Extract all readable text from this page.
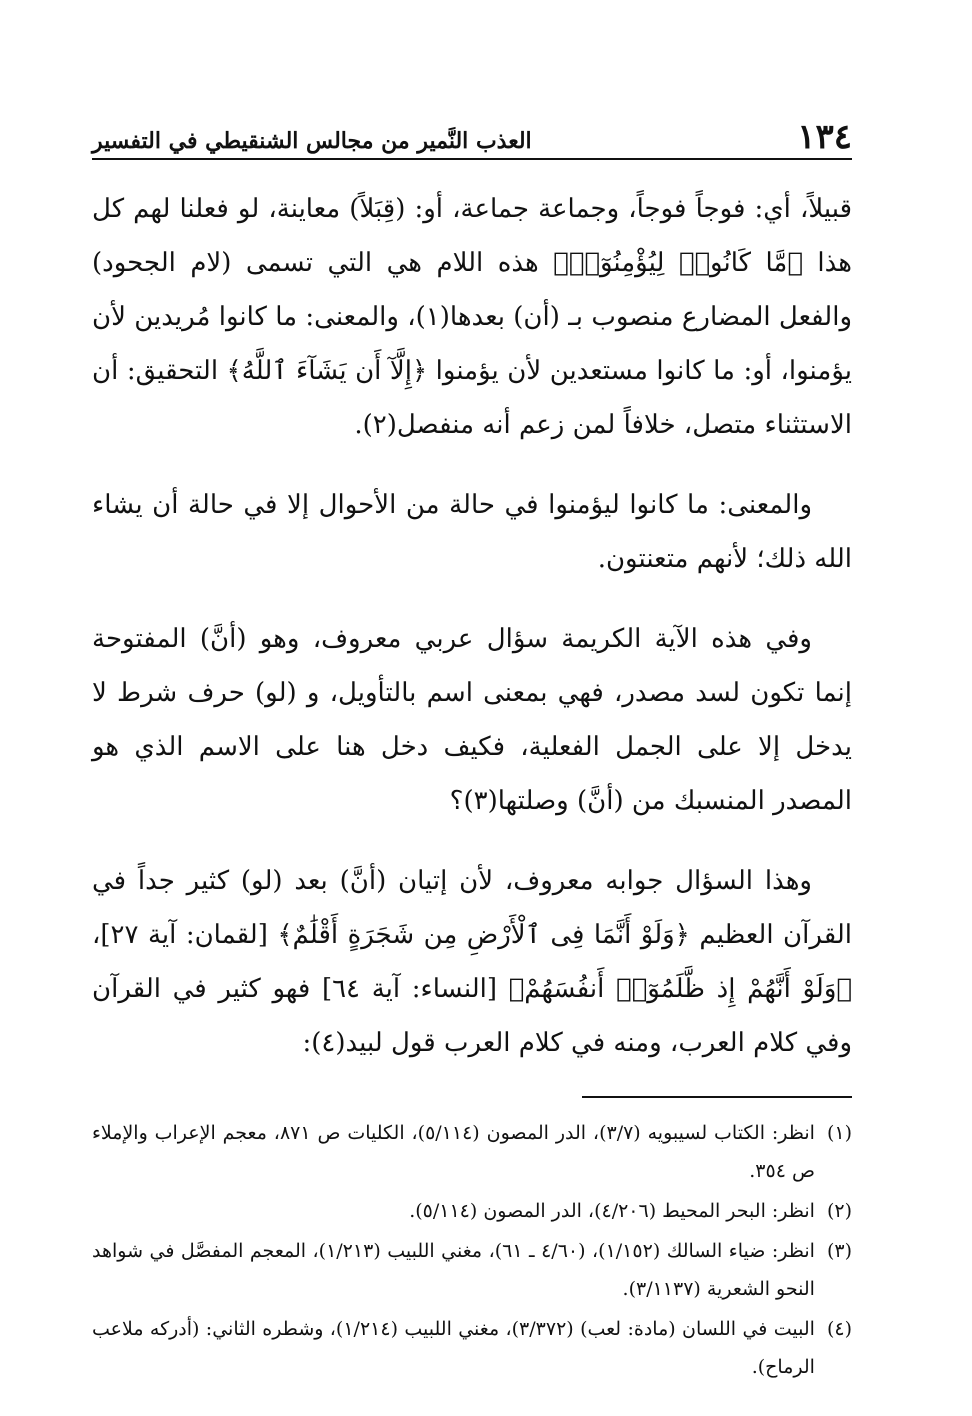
١٣٤
العذب النَّمير من مجالس الشنقيطي في التفسير

قبيلاً، أي: فوجاً فوجاً، وجماعة جماعة، أو: (قِبَلاً) معاينة، لو فعلنا لهم كل هذا ﴿مَّا كَانُوا۟ لِيُؤْمِنُوٓا۟﴾ هذه اللام هي التي تسمى (لام الجحود) والفعل المضارع منصوب بـ (أن) بعدها(١)، والمعنى: ما كانوا مُريدين لأن يؤمنوا، أو: ما كانوا مستعدين لأن يؤمنوا ﴿إِلَّآ أَن يَشَآءَ ٱللَّهُ﴾ التحقيق: أن الاستثناء متصل، خلافاً لمن زعم أنه منفصل(٢).

والمعنى: ما كانوا ليؤمنوا في حالة من الأحوال إلا في حالة أن يشاء الله ذلك؛ لأنهم متعنتون.

وفي هذه الآية الكريمة سؤال عربي معروف، وهو (أنَّ) المفتوحة إنما تكون لسد مصدر، فهي بمعنى اسم بالتأويل، و (لو) حرف شرط لا يدخل إلا على الجمل الفعلية، فكيف دخل هنا على الاسم الذي هو المصدر المنسبك من (أنَّ) وصلتها(٣)؟

وهذا السؤال جوابه معروف، لأن إتيان (أنَّ) بعد (لو) كثير جداً في القرآن العظيم ﴿وَلَوْ أَنَّمَا فِى ٱلْأَرْضِ مِن شَجَرَةٍ أَقْلَٰمٌ﴾ [لقمان: آية ٢٧]، ﴿وَلَوْ أَنَّهُمْ إِذ ظَّلَمُوٓا۟ أَنفُسَهُمْ﴾ [النساء: آية ٦٤] فهو كثير في القرآن وفي كلام العرب، ومنه في كلام العرب قول لبيد(٤):

(١)
انظر: الكتاب لسيبويه (٣/٧)، الدر المصون (٥/١١٤)، الكليات ص ٨٧١، معجم الإعراب والإملاء ص ٣٥٤.
(٢)
انظر: البحر المحيط (٤/٢٠٦)، الدر المصون (٥/١١٤).
(٣)
انظر: ضياء السالك (١/١٥٢)، (٤/٦٠ ـ ٦١)، مغني اللبيب (١/٢١٣)، المعجم المفصَّل في شواهد النحو الشعرية (٣/١١٣٧).
(٤)
البيت في اللسان (مادة: لعب) (٣/٣٧٢)، مغني اللبيب (١/٢١٤)، وشطره الثاني: (أدركه ملاعب الرماح).
